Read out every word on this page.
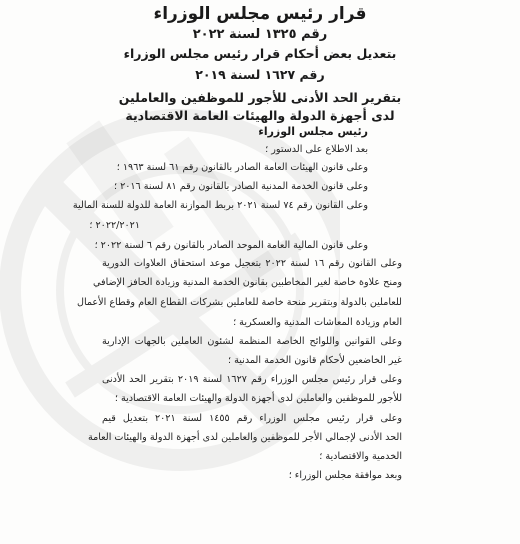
قرار رئيس مجلس الوزراء
رقم ١٣٢٥ لسنة ٢٠٢٢
بتعديل بعض أحكام قرار رئيس مجلس الوزراء
رقم ١٦٢٧ لسنة ٢٠١٩
بتقرير الحد الأدنى للأجور للموظفين والعاملين
لدى أجهزة الدولة والهيئات العامة الاقتصادية
رئيس مجلس الوزراء
بعد الاطلاع على الدستور ؛
وعلى قانون الهيئات العامة الصادر بالقانون رقم ٦١ لسنة ١٩٦٣ ؛
وعلى قانون الخدمة المدنية الصادر بالقانون رقم ٨١ لسنة ٢٠١٦ ؛
وعلى القانون رقم ٧٤ لسنة ٢٠٢١ بربط الموازنة العامة للدولة للسنة المالية
٢٠٢٢/٢٠٢١ ؛
وعلى قانون المالية العامة الموحد الصادر بالقانون رقم ٦ لسنة ٢٠٢٢ ؛
وعلى القانون رقم ١٦ لسنة ٢٠٢٢ بتعجيل موعد استحقاق العلاوات الدورية
ومنح علاوة خاصة لغير المخاطبين بقانون الخدمة المدنية وزيادة الحافز الإضافي
للعاملين بالدولة وبتقرير منحة خاصة للعاملين بشركات القطاع العام وقطاع الأعمال
العام وزيادة المعاشات المدنية والعسكرية ؛
وعلى القوانين واللوائح الخاصة المنظمة لشئون العاملين بالجهات الإدارية
غير الخاضعين لأحكام قانون الخدمة المدنية ؛
وعلى قرار رئيس مجلس الوزراء رقم ١٦٢٧ لسنة ٢٠١٩ بتقرير الحد الأدنى
للأجور للموظفين والعاملين لدى أجهزة الدولة والهيئات العامة الاقتصادية ؛
وعلى قرار رئيس مجلس الوزراء رقم ١٤٥٥ لسنة ٢٠٢١ بتعديل قيم
الحد الأدنى لإجمالي الأجر للموظفين والعاملين لدى أجهزة الدولة والهيئات العامة
الخدمية والاقتصادية ؛
وبعد موافقة مجلس الوزراء ؛
